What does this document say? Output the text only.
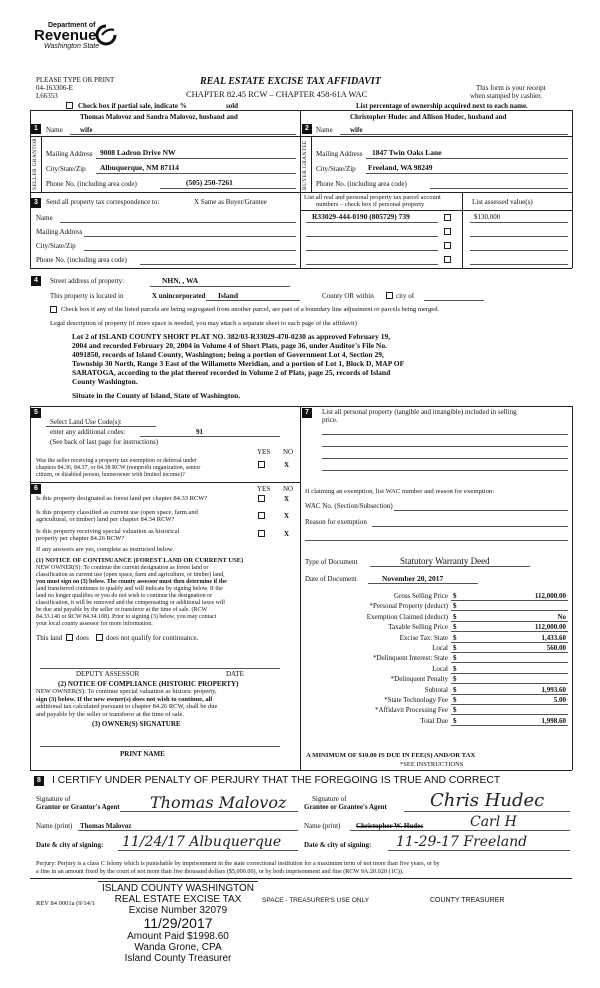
Department of
Revenue
Washington State
PLEASE TYPE OR PRINT
04-163306-E
L66353
REAL ESTATE EXCISE TAX AFFIDAVIT
CHAPTER 82.45 RCW – CHAPTER 458-61A WAC
This form is your receipt
when stamped by cashier.
Check box if partial sale, indicate %	sold	List percentage of ownership acquired next to each name.
1
Thomas Malovoz and Sandra Malovoz, husband and
Name wife
SELLER GRANTOR Mailing Address 9008 Ladron Drive NW
City/State/Zip Albuquerque, NM 87114
Phone No. (including area code)	(505) 250-7261
2
Christopher Hudec and Allison Hudec, husband and
Name wife
BUYER GRANTEE Mailing Address 1847 Twin Oaks Lane
City/State/Zip Freeland, WA 98249
Phone No. (including area code)
3	Send all property tax correspondence to:	X Same as Buyer/Grantee
Name
Mailing Address
City/State/Zip
Phone No. (including area code)
List all real and personal property tax parcel account
numbers – check box if personal property	List assessed value(s)
R33029-444-0190 (805729) 739	$130,000
4	Street address of property:	NHN, , WA
This property is located in	X unincorporated Island	County OR within	city of
Check box if any of the listed parcels are being segregated from another parcel, are part of a boundary line adjustment or parcels being merged.
Legal description of property (if more space is needed, you may attach a separate sheet to each page of the affidavit)
Lot 2 of ISLAND COUNTY SHORT PLAT NO. 382/03-R33029-470-0230 as approved February 19,
2004 and recorded February 20, 2004 in Volume 4 of Short Plats, page 36, under Auditor's File No.
4091850, records of Island County, Washington; being a portion of Government Lot 4, Section 29,
Township 30 North, Range 3 East of the Willamette Meridian, and a portion of Lot 1, Block D, MAP OF
SARATOGA, according to the plat thereof recorded in Volume 2 of Plats, page 25, records of Island
County Washington.
Situate in the County of Island, State of Washington.
5
Select Land Use Code(s):
enter any additional codes:	91
(See back of last page for instructions)
YES NO
Was the seller receiving a property tax exemption or deferral under
chapters 84.36, 84.37, or 84.38 RCW (nonprofit organization, senior
citizen, or disabled person, homeowner with limited income)?
X
6	YES NO
Is this property designated as forest land per chapter 84.33 RCW?	X
Is this property classified as current use (open space, farm and
agricultural, or timber) land per chapter 84.34 RCW?	X
Is this property receiving special valuation as historical
property per chapter 84.26 RCW?
X
If any answers are yes, complete as instructed below.
(1) NOTICE OF CONTINUANCE (FOREST LAND OR CURRENT USE)
NEW OWNER(S): To continue the current designation as forest land or
classification as current use (open space, farm and agriculture, or timber) land,
you must sign on (3) below. The county assessor must then determine if the
land transferred continues to qualify and will indicate by signing below. If the
land no longer qualifies or you do not wish to continue the designation or
classification, it will be removed and the compensating or additional taxes will
be due and payable by the seller or transferor at the time of sale. (RCW
84.33.140 or RCW 84.34.108). Prior to signing (3) below, you may contact
your local county assessor for more information.
This land does does not qualify for continuance.
DEPUTY ASSESSOR	DATE
(2) NOTICE OF COMPLIANCE (HISTORIC PROPERTY)
NEW OWNER(S): To continue special valuation as historic property,
sign (3) below. If the new owner(s) does not wish to continue, all
additional tax calculated pursuant to chapter 84.26 RCW, shall be due
and payable by the seller or transferor at the time of sale.
(3) OWNER(S) SIGNATURE
PRINT NAME
7	List all personal property (tangible and intangible) included in selling
price.
If claiming an exemption, list WAC number and reason for exemption:
WAC No. (Section/Subsection)
Reason for exemption
Type of Document	Statutory Warranty Deed
Date of Document	November 20, 2017
Gross Selling Price $	112,000.00
*Personal Property (deduct) $
Exemption Claimed (deduct) $	No
Taxable Selling Price $	112,000.00
Excise Tax: State $	1,433.60
Local $	560.00
*Delinquent Interest: State $
Local $
*Delinquent Penalty $
Subtotal $	1,993.60
*State Technology Fee $	5.00
*Affidavit Processing Fee $
Total Due $	1,998.60
A MINIMUM OF $10.00 IS DUE IN FEE(S) AND/OR TAX
*SEE INSTRUCTIONS
8 I CERTIFY UNDER PENALTY OF PERJURY THAT THE FOREGOING IS TRUE AND CORRECT
Signature of
Grantor or Grantor's Agent Thomas Malovoz	Signature of
Grantee or Grantee's Agent Chris Hudec
Name (print) Thomas Malovoz	Name (print) Christopher W. Hudec	Carl H
Date & city of signing: 11/24/17 Albuquerque	Date & city of signing: 11-29-17 Freeland
Perjury: Perjury is a class C felony which is punishable by imprisonment in the state correctional institution for a maximum term of not more than five years, or by
a fine in an amount fixed by the court of not more than five thousand dollars ($5,000.00), or by both imprisonment and fine (RCW 9A.20.020 (1C)).
REV 84 0001a (9/14/1
ISLAND COUNTY WASHINGTON
REAL ESTATE EXCISE TAX
Excise Number 32079
11/29/2017
Amount Paid $1998.60
Wanda Grone, CPA
Island County Treasurer
SPACE - TREASURER'S USE ONLY	COUNTY TREASURER
